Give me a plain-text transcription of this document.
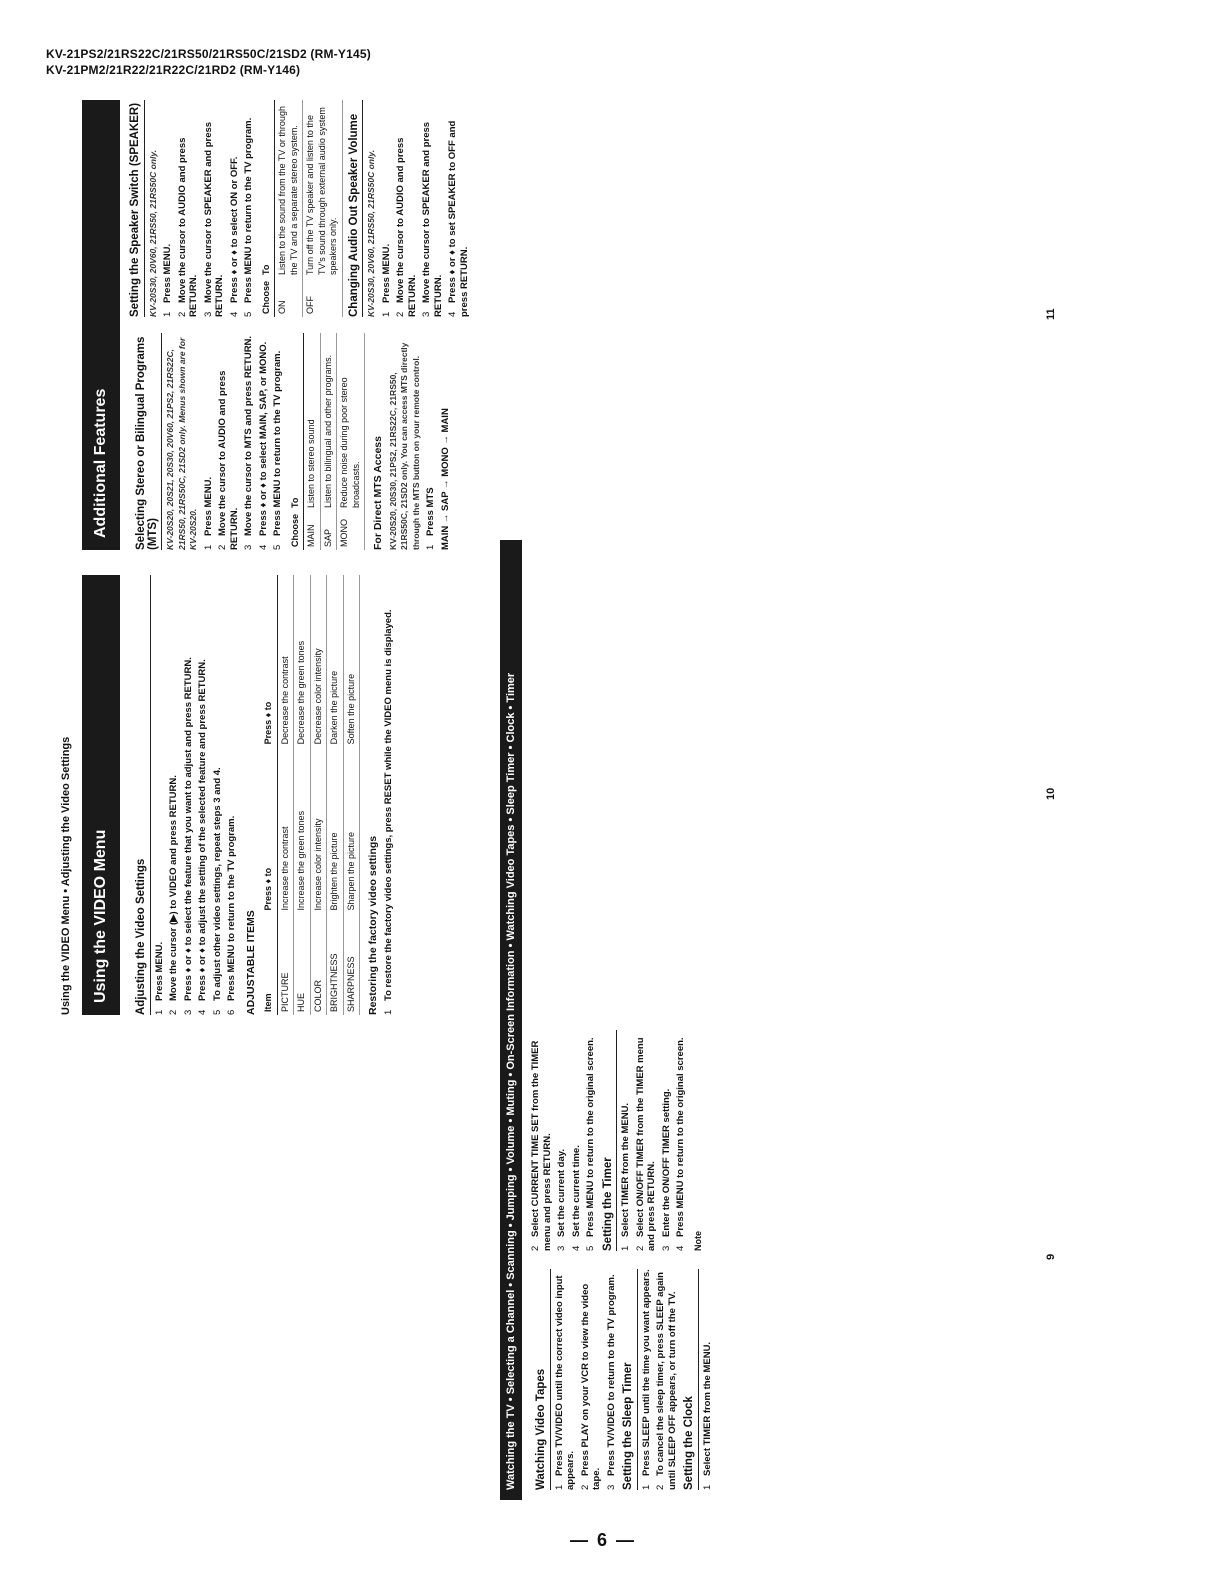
KV-21PS2/21RS22C/21RS50/21RS50C/21SD2 (RM-Y145)
KV-21PM2/21R22/21R22C/21RD2 (RM-Y146)
Watching the TV • Selecting a Channel • Scanning • Jumping • Volume • Muting • On-Screen Information • Watching Video Tapes • Sleep Timer • Clock • Timer	Watching Video Tapes 1Press TV/VIDEO until the correct video input appears. 2Press PLAY on your VCR to view the video tape. 3Press TV/VIDEO to return to the TV program. Setting the Sleep Timer 1Press SLEEP until the time you want appears.
2To cancel the sleep timer, press SLEEP again until SLEEP OFF appears, or turn off the TV. Setting the Clock 1Select TIMER from the MENU.
2Select CURRENT TIME SET from the TIMER menu and press RETURN. 3Set the current day.
4Set the current time.
5Press MENU to return to the original screen. Setting the Timer 1Select TIMER from the MENU.
2Select ON/OFF TIMER from the TIMER menu and press RETURN. 3Enter the ON/OFF TIMER setting.
4Press MENU to return to the original screen.
Note
9
Using the VIDEO Menu • Adjusting the Video Settings	Using the VIDEO Menu	Adjusting the Video Settings 1Press MENU.
2Move the cursor (▶) to VIDEO and press RETURN.
3Press ♦ or ♦ to select the feature that you want to adjust and press RETURN.
4Press ♦ or ♦ to adjust the setting of the selected feature and press RETURN.
5To adjust other video settings, repeat steps 3 and 4.
6Press MENU to return to the TV program. ADJUSTABLE ITEMS Item	Press ♦ to	Press ♦ to
PICTURE	Increase the contrast	Decrease the contrast
HUE	Increase the green tones	Decrease the green tones
COLOR	Increase color intensity	Decrease color intensity
BRIGHTNESS	Brighten the picture	Darken the picture
SHARPNESS	Sharpen the picture	Soften the picture
Restoring the factory video settings 1To restore the factory video settings, press RESET while the VIDEO menu is displayed.	10
Additional Features	Selecting Stereo or Bilingual Programs (MTS) KV-20S20, 20S21, 20S30, 20V60, 21PS2, 21RS22C, 21RS50, 21RS50C, 21SD2 only. Menus shown are for KV-20S20. 1Press MENU.
2Move the cursor to AUDIO and press RETURN. 3Move the cursor to MTS and press RETURN.
4Press ♦ or ♦ to select MAIN, SAP, or MONO.
5Press MENU to return to the TV program. Choose	To
MAIN	Listen to stereo sound
SAP	Listen to bilingual and other programs.
MONO	Reduce noise during poor stereo broadcasts. For Direct MTS Access KV-20S20, 20S30, 21PS2, 21RS22C, 21RS50, 21RS50C, 21SD2 only. You can access MTS directly through the MTS button on your remote control. 1Press MTS MAIN → SAP → MONO → MAIN
Setting the Speaker Switch (SPEAKER) KV-20S30, 20V60, 21RS50, 21RS50C only. 1Press MENU.
2Move the cursor to AUDIO and press RETURN. 3Move the cursor to SPEAKER and press RETURN. 4Press ♦ or ♦ to select ON or OFF.
5Press MENU to return to the TV program. Choose	To
ON	Listen to the sound from the TV or through the TV and a separate stereo system.
OFF	Turn off the TV speaker and listen to the TV's sound through external audio system speakers only. Changing Audio Out Speaker Volume KV-20S30, 20V60, 21RS50, 21RS50C only. 1Press MENU.
2Move the cursor to AUDIO and press RETURN. 3Move the cursor to SPEAKER and press RETURN. 4Press ♦ or ♦ to set SPEAKER to OFF and press RETURN.	11
— 6 —
